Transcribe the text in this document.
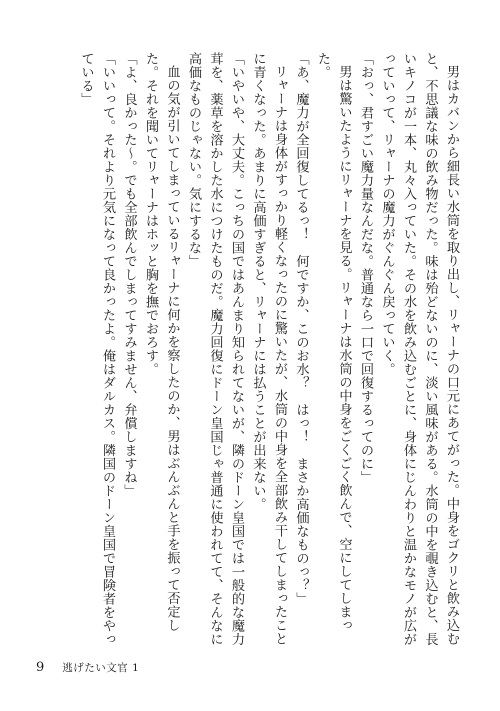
男はカバンから細長い水筒を取り出し、リャーナの口元にあてがった。中身をゴクリと飲み込むと、不思議な味の飲み物だった。味は殆どないのに、淡い風味がある。水筒の中を覗き込むと、長いキノコが一本、丸々入っていた。その水を飲み込むごとに、身体にじんわりと温かなモノが広がっていって、リャーナの魔力がぐんぐん戻っていく。

「おっ、君すごい魔力量なんだな。普通なら一口で回復するってのに」

男は驚いたようにリャーナを見る。リャーナは水筒の中身をごくごく飲んで、空にしてしまった。

「あ、魔力が全回復してるっ！　何ですか、このお水？　はっ！　まさか高価なものっ？」

リャーナは身体がすっかり軽くなったのに驚いたが、水筒の中身を全部飲み干してしまったことに青くなった。あまりに高価すぎると、リャーナには払うことが出来ない。

「いやいや、大丈夫。こっちの国ではあんまり知られてないが、隣のドーン皇国では一般的な魔力茸を、薬草を溶かした水につけたものだ。魔力回復にドーン皇国じゃ普通に使われてて、そんなに高価なものじゃない。気にするな」

血の気が引いてしまっているリャーナに何かを察したのか、男はぶんぶんと手を振って否定した。それを聞いてリャーナはホッと胸を撫でおろす。

「よ、良かった〜。でも全部飲んでしまってすみません、弁償しますね」

「いいって。それより元気になって良かったよ。俺はダルカス。隣国のドーン皇国で冒険者をやっている」

9 逃げたい文官 1
